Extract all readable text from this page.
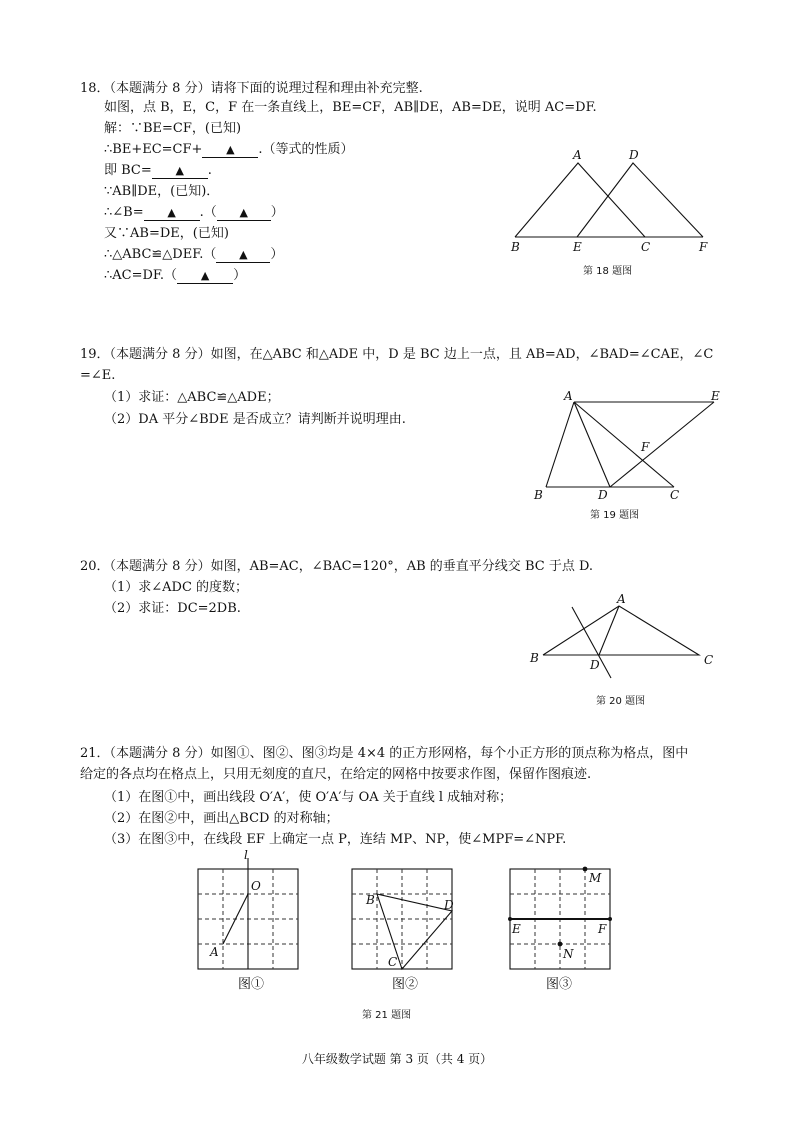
18．（本题满分 8 分）请将下面的说理过程和理由补充完整.
如图，点 B，E，C，F 在一条直线上，BE=CF，AB∥DE，AB=DE，说明 AC=DF.
解：∵BE=CF，(已知)
∴BE+EC=CF+ ▲ .（等式的性质）
即 BC= ▲ .
∵AB∥DE，(已知)．
∴∠B= ▲ .（ ▲ ）
又∵AB=DE，(已知)
∴△ABC≌△DEF.（ ▲ ）
∴AC=DF.（ ▲ ）
A	D
B	E	C	F
第 18 题图
19．（本题满分 8 分）如图，在△ABC 和△ADE 中，D 是 BC 边上一点，且 AB=AD，∠BAD=∠CAE，∠C
=∠E.
（1）求证：△ABC≌△ADE；
（2）DA 平分∠BDE 是否成立？请判断并说明理由.
A	E
F
B	D	C
第 19 题图
20．（本题满分 8 分）如图，AB=AC，∠BAC=120°，AB 的垂直平分线交 BC 于点 D.
（1）求∠ADC 的度数；
（2）求证：DC=2DB.
A
B	D	C
第 20 题图
21．（本题满分 8 分）如图①、图②、图③均是 4×4 的正方形网格，每个小正方形的顶点称为格点，图中
给定的各点均在格点上，只用无刻度的直尺，在给定的网格中按要求作图，保留作图痕迹.
（1）在图①中，画出线段 O′A′，使 O′A′与 OA 关于直线 l 成轴对称；
（2）在图②中，画出△BCD 的对称轴；
（3）在图③中，在线段 EF 上确定一点 P，连结 MP、NP，使∠MPF=∠NPF.
l
O
A
图①
B	D
C
图②
M
E	F
N
图③
第 21 题图
八年级数学试题 第 3 页（共 4 页）
